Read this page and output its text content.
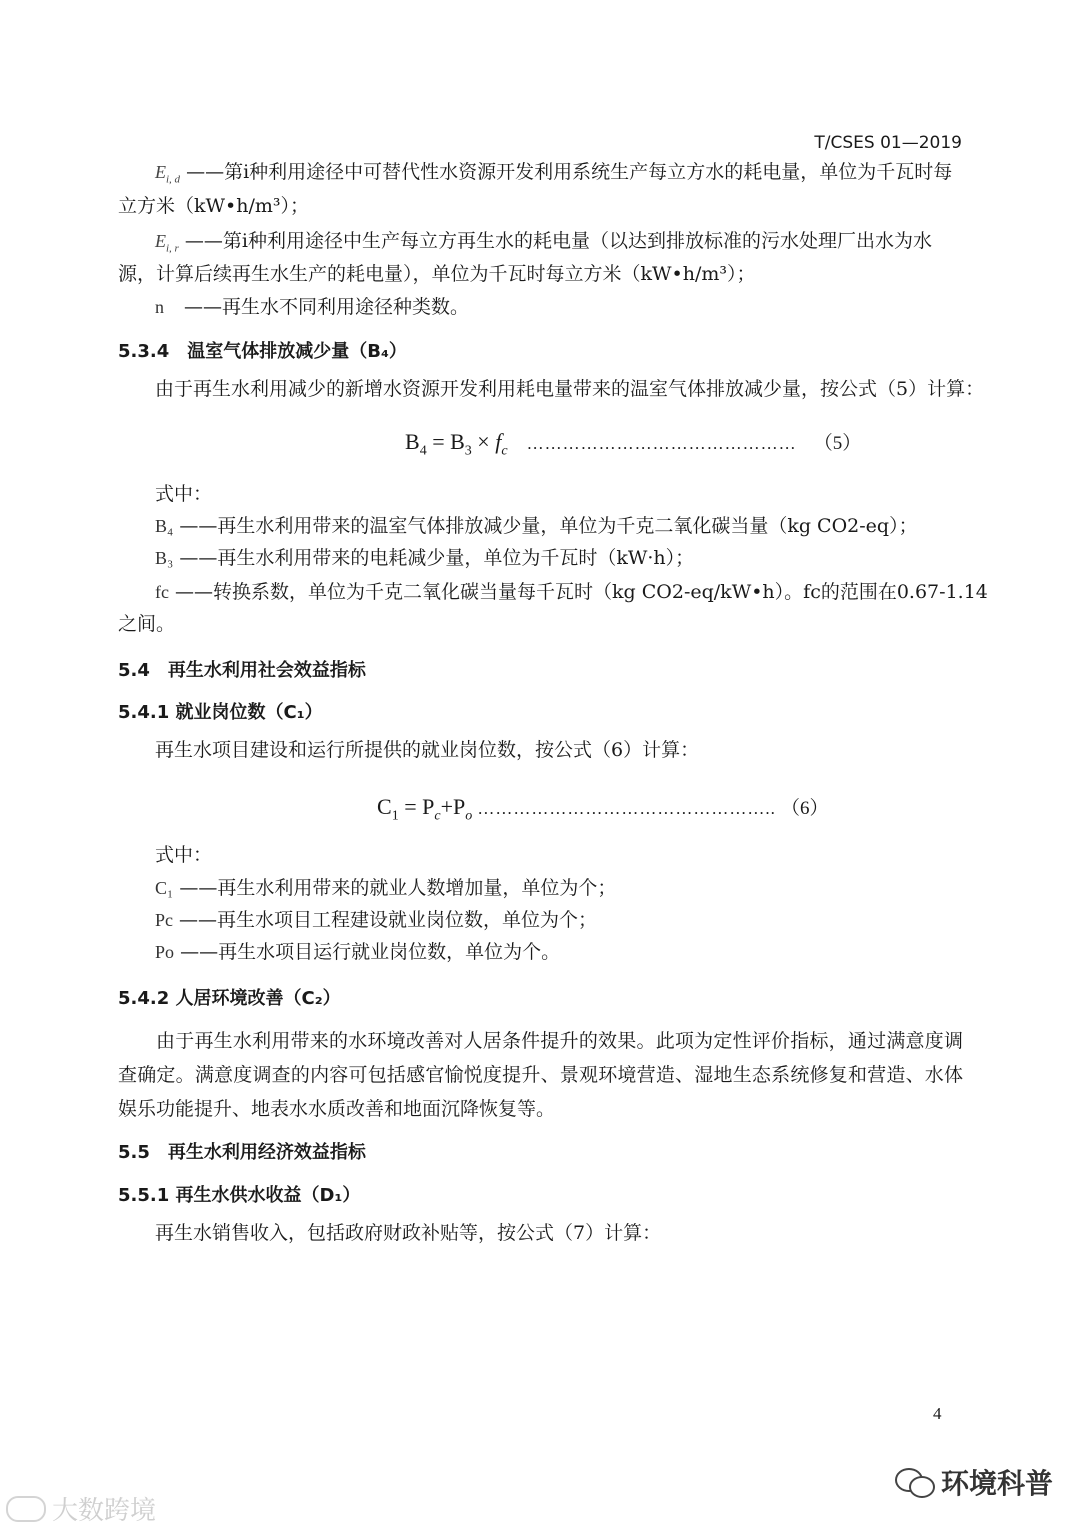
T/CSES 01—2019
$E_{i, d}$ ——第i种利用途径中可替代性水资源开发利用系统生产每立方水的耗电量，单位为千瓦时每
立方米（kW•h/m³）；
$E_{i, r}$ ——第i种利用途径中生产每立方再生水的耗电量（以达到排放标准的污水处理厂出水为水
源，计算后续再生水生产的耗电量），单位为千瓦时每立方米（kW•h/m³）；
n ——再生水不同利用途径种类数。
5.3.4　温室气体排放减少量（B₄）
由于再生水利用减少的新增水资源开发利用耗电量带来的温室气体排放减少量，按公式（5）计算：
$B_4 = B_3 \times f_c$ ……………………………………… （5）
式中：
B₄ ——再生水利用带来的温室气体排放减少量，单位为千克二氧化碳当量（kg CO2-eq）；
B₃ ——再生水利用带来的电耗减少量，单位为千瓦时（kW·h）；
fc ——转换系数，单位为千克二氧化碳当量每千瓦时（kg CO2-eq/kW•h）。fc的范围在0.67-1.14
之间。
5.4　再生水利用社会效益指标
5.4.1 就业岗位数（C₁）
再生水项目建设和运行所提供的就业岗位数，按公式（6）计算：
$C_1 = P_c+P_o$ ………………………………………….. （6）
式中：
C₁ ——再生水利用带来的就业人数增加量，单位为个；
Pc ——再生水项目工程建设就业岗位数，单位为个；
Po ——再生水项目运行就业岗位数，单位为个。
5.4.2 人居环境改善（C₂）
由于再生水利用带来的水环境改善对人居条件提升的效果。此项为定性评价指标，通过满意度调查确定。满意度调查的内容可包括感官愉悦度提升、景观环境营造、湿地生态系统修复和营造、水体娱乐功能提升、地表水水质改善和地面沉降恢复等。
5.5　再生水利用经济效益指标
5.5.1 再生水供水收益（D₁）
再生水销售收入，包括政府财政补贴等，按公式（7）计算：
4
大数跨境
环境科普
